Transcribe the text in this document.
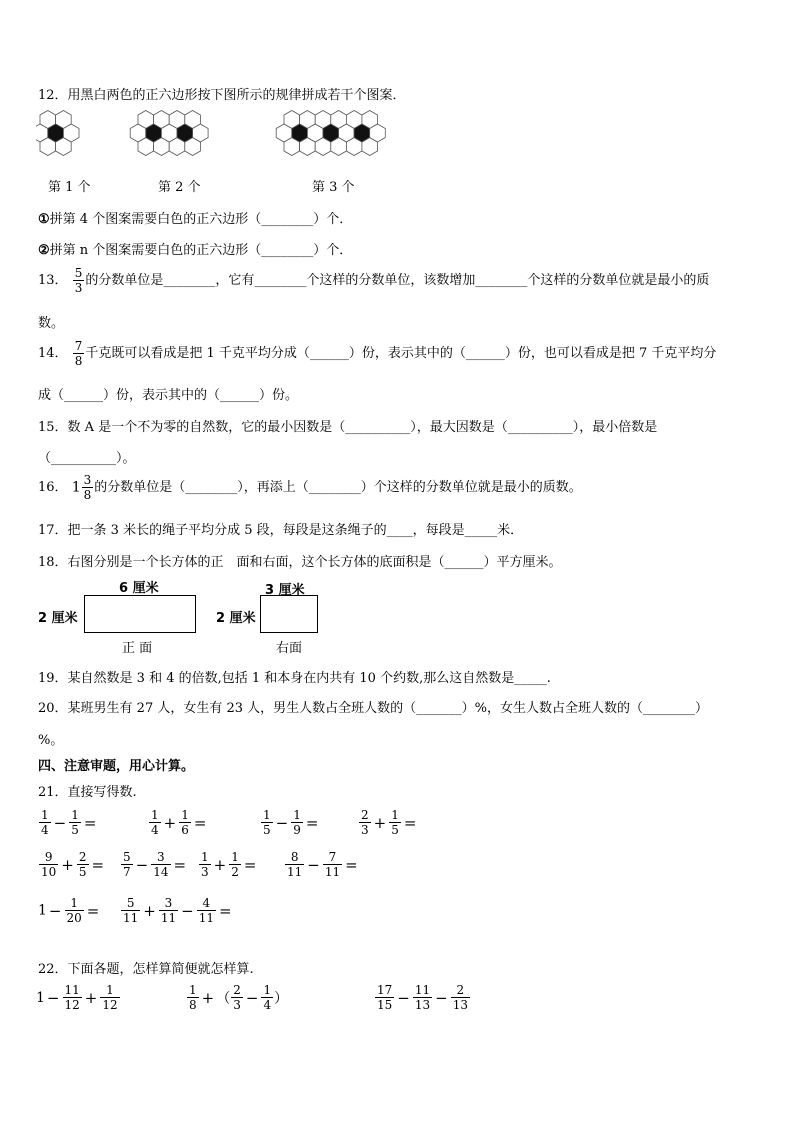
12．用黑白两色的正六边形按下图所示的规律拼成若干个图案．
第 1 个	第 2 个	第 3 个
①拼第 4 个图案需要白色的正六边形（________）个．
②拼第 n 个图案需要白色的正六边形（________）个．
13． $\frac{5}{3}$ 的分数单位是________，它有________个这样的分数单位，该数增加________个这样的分数单位就是最小的质
数。
14． $\frac{7}{8}$ 千克既可以看成是把 1 千克平均分成（______）份，表示其中的（______）份，也可以看成是把 7 千克平均分
成（______）份，表示其中的（______）份。
15．数 A 是一个不为零的自然数，它的最小因数是（__________），最大因数是（__________），最小倍数是
（__________）。
16． $1 \frac{3}{8}$ 的分数单位是（________），再添上（________）个这样的分数单位就是最小的质数。
17．把一条 3 米长的绳子平均分成 5 段，每段是这条绳子的____，每段是_____米．
18．右图分别是一个长方体的正　面和右面，这个长方体的底面积是（______）平方厘米。
6 厘米
2 厘米
正 面
3 厘米
2 厘米
右面
19．某自然数是 3 和 4 的倍数,包括 1 和本身在内共有 10 个约数,那么这自然数是_____.
20．某班男生有 27 人，女生有 23 人，男生人数占全班人数的（_______）%，女生人数占全班人数的（________）
%。
四、注意审题，用心计算。
21．直接写得数.
$\frac{1}{4} - \frac{1}{5}$ =	$\frac{1}{4} + \frac{1}{6}$ =	$\frac{1}{5} - \frac{1}{9}$ =	$\frac{2}{3} + \frac{1}{5}$ =
$\frac{9}{10} + \frac{2}{5} = \frac{5}{7} - \frac{3}{14} = \frac{1}{3} + \frac{1}{2} = \frac{8}{11} - \frac{7}{11}$ =
$1 - \frac{1}{20} = \frac{5}{11} + \frac{3}{11} - \frac{4}{11}$ =
22．下面各题，怎样算简便就怎样算.
$1 - \frac{11}{12} + \frac{1}{12}$	$\frac{1}{8}$ + （ $\frac{2}{3} - \frac{1}{4}$ ）	$\frac{17}{15} - \frac{11}{13} - \frac{2}{13}$
